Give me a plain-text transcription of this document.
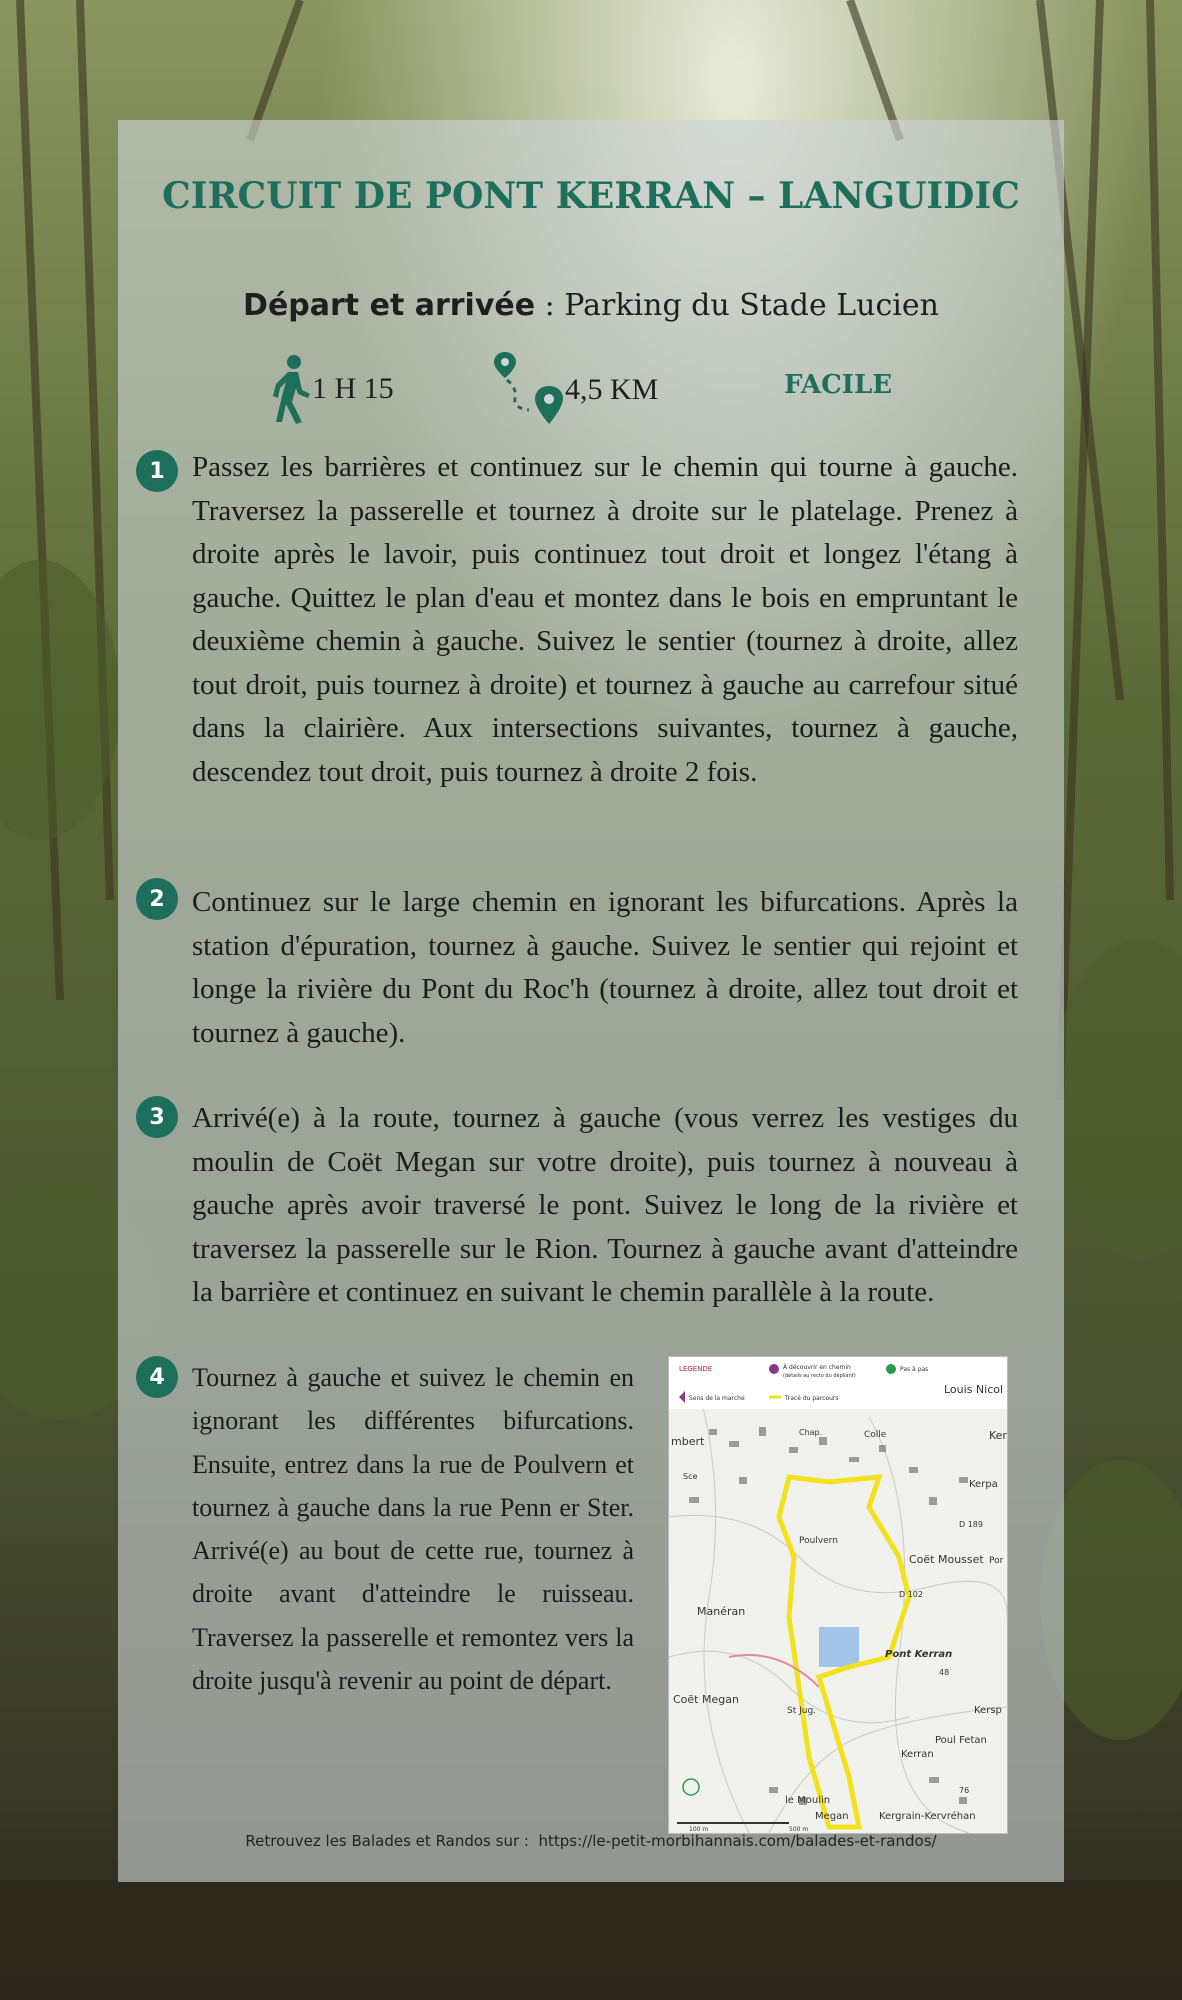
CIRCUIT DE PONT KERRAN – LANGUIDIC
Départ et arrivée : Parking du Stade Lucien
1 H 15	4,5 KM	FACILE
1 Passez les barrières et continuez sur le chemin qui tourne à gauche. Traversez la passerelle et tournez à droite sur le platelage. Prenez à droite après le lavoir, puis continuez tout droit et longez l'étang à gauche. Quittez le plan d'eau et montez dans le bois en empruntant le deuxième chemin à gauche. Suivez le sentier (tournez à droite, allez tout droit, puis tournez à droite) et tournez à gauche au carrefour situé dans la clairière. Aux intersections suivantes, tournez à gauche, descendez tout droit, puis tournez à droite 2 fois.
2 Continuez sur le large chemin en ignorant les bifurcations. Après la station d'épuration, tournez à gauche. Suivez le sentier qui rejoint et longe la rivière du Pont du Roc'h (tournez à droite, allez tout droit et tournez à gauche).
3 Arrivé(e) à la route, tournez à gauche (vous verrez les vestiges du moulin de Coët Megan sur votre droite), puis tournez à nouveau à gauche après avoir traversé le pont. Suivez le long de la rivière et traversez la passerelle sur le Rion. Tournez à gauche avant d'atteindre la barrière et continuez en suivant le chemin parallèle à la route.
4	Tournez à gauche et suivez le chemin en ignorant les différentes bifurcations. Ensuite, entrez dans la rue de Poulvern et tournez à gauche dans la rue Penn er Ster. Arrivé(e) au bout de cette rue, tournez à droite avant d'atteindre le ruisseau. Traversez la passerelle et remontez vers la droite jusqu'à revenir au point de départ.
LEGENDE	À découvrir en chemin
(détails au recto du dépliant)
Pas à pas
Sens de la marche	Tracé du parcours
Louis Nicol
mbert
Chap.	Colle	Ker
Kerpa
D 189
Poulvern
Coët Mousset Por
D 102
Manéran
Pont Kerran
Coët Megan
St Jug.	Kersp
Poul Fetan
Kerran
le Moulin
Megan	Kergrain-Kervréhan
Sce
76
48
100 m	500 m
Retrouvez les Balades et Randos sur : https://le-petit-morbihannais.com/balades-et-randos/
